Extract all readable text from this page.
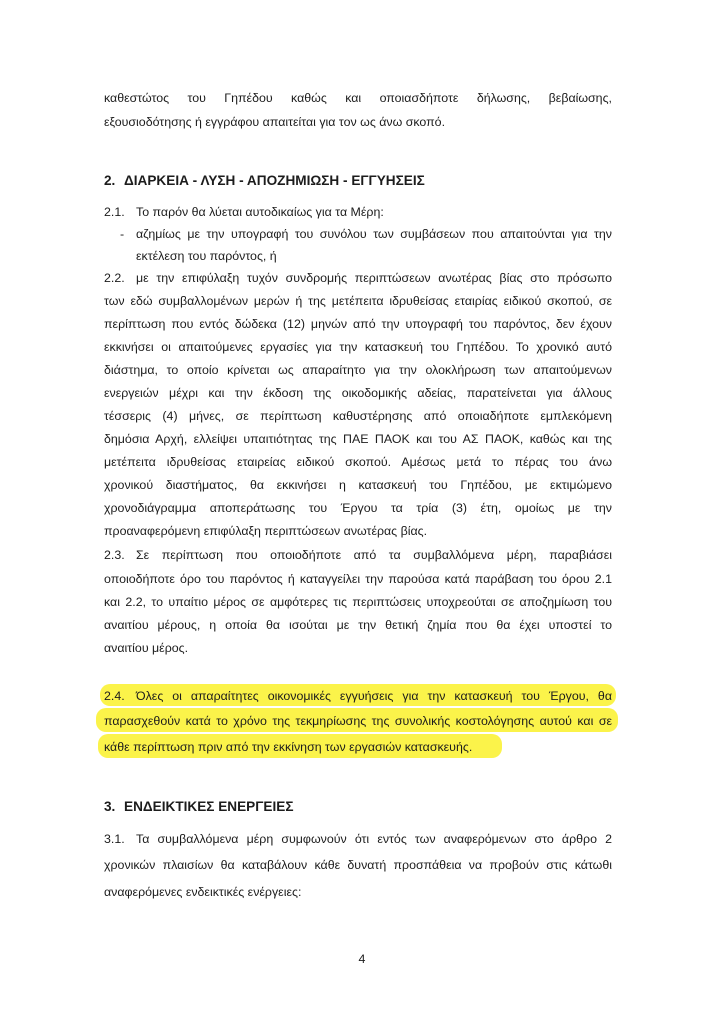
καθεστώτος του Γηπέδου καθώς και οποιασδήποτε δήλωσης, βεβαίωσης,
εξουσιοδότησης ή εγγράφου απαιτείται για τον ως άνω σκοπό.
2. ΔΙΑΡΚΕΙΑ - ΛΥΣΗ - ΑΠΟΖΗΜΙΩΣΗ - ΕΓΓΥΗΣΕΙΣ
2.1. Το παρόν θα λύεται αυτοδικαίως για τα Μέρη:
- αζημίως με την υπογραφή του συνόλου των συμβάσεων που απαιτούνται για την
εκτέλεση του παρόντος, ή
2.2. με την επιφύλαξη τυχόν συνδρομής περιπτώσεων ανωτέρας βίας στο πρόσωπο
των εδώ συμβαλλομένων μερών ή της μετέπειτα ιδρυθείσας εταιρίας ειδικού σκοπού, σε
περίπτωση που εντός δώδεκα (12) μηνών από την υπογραφή του παρόντος, δεν έχουν
εκκινήσει οι απαιτούμενες εργασίες για την κατασκευή του Γηπέδου. Το χρονικό αυτό
διάστημα, το οποίο κρίνεται ως απαραίτητο για την ολοκλήρωση των απαιτούμενων
ενεργειών μέχρι και την έκδοση της οικοδομικής αδείας, παρατείνεται για άλλους
τέσσερις (4) μήνες, σε περίπτωση καθυστέρησης από οποιαδήποτε εμπλεκόμενη
δημόσια Αρχή, ελλείψει υπαιτιότητας της ΠΑΕ ΠΑΟΚ και του ΑΣ ΠΑΟΚ, καθώς και της
μετέπειτα ιδρυθείσας εταιρείας ειδικού σκοπού. Αμέσως μετά το πέρας του άνω
χρονικού διαστήματος, θα εκκινήσει η κατασκευή του Γηπέδου, με εκτιμώμενο
χρονοδιάγραμμα αποπεράτωσης του Έργου τα τρία (3) έτη, ομοίως με την
προαναφερόμενη επιφύλαξη περιπτώσεων ανωτέρας βίας.
2.3. Σε περίπτωση που οποιοδήποτε από τα συμβαλλόμενα μέρη, παραβιάσει
οποιοδήποτε όρο του παρόντος ή καταγγείλει την παρούσα κατά παράβαση του όρου 2.1
και 2.2, το υπαίτιο μέρος σε αμφότερες τις περιπτώσεις υποχρεούται σε αποζημίωση του
αναιτίου μέρους, η οποία θα ισούται με την θετική ζημία που θα έχει υποστεί το
αναιτίου μέρος.
2.4. Όλες οι απαραίτητες οικονομικές εγγυήσεις για την κατασκευή του Έργου, θα
παρασχεθούν κατά το χρόνο της τεκμηρίωσης της συνολικής κοστολόγησης αυτού και σε
κάθε περίπτωση πριν από την εκκίνηση των εργασιών κατασκευής.
3. ΕΝΔΕΙΚΤΙΚΕΣ ΕΝΕΡΓΕΙΕΣ
3.1. Τα συμβαλλόμενα μέρη συμφωνούν ότι εντός των αναφερόμενων στο άρθρο 2
χρονικών πλαισίων θα καταβάλουν κάθε δυνατή προσπάθεια να προβούν στις κάτωθι
αναφερόμενες ενδεικτικές ενέργειες:
4
